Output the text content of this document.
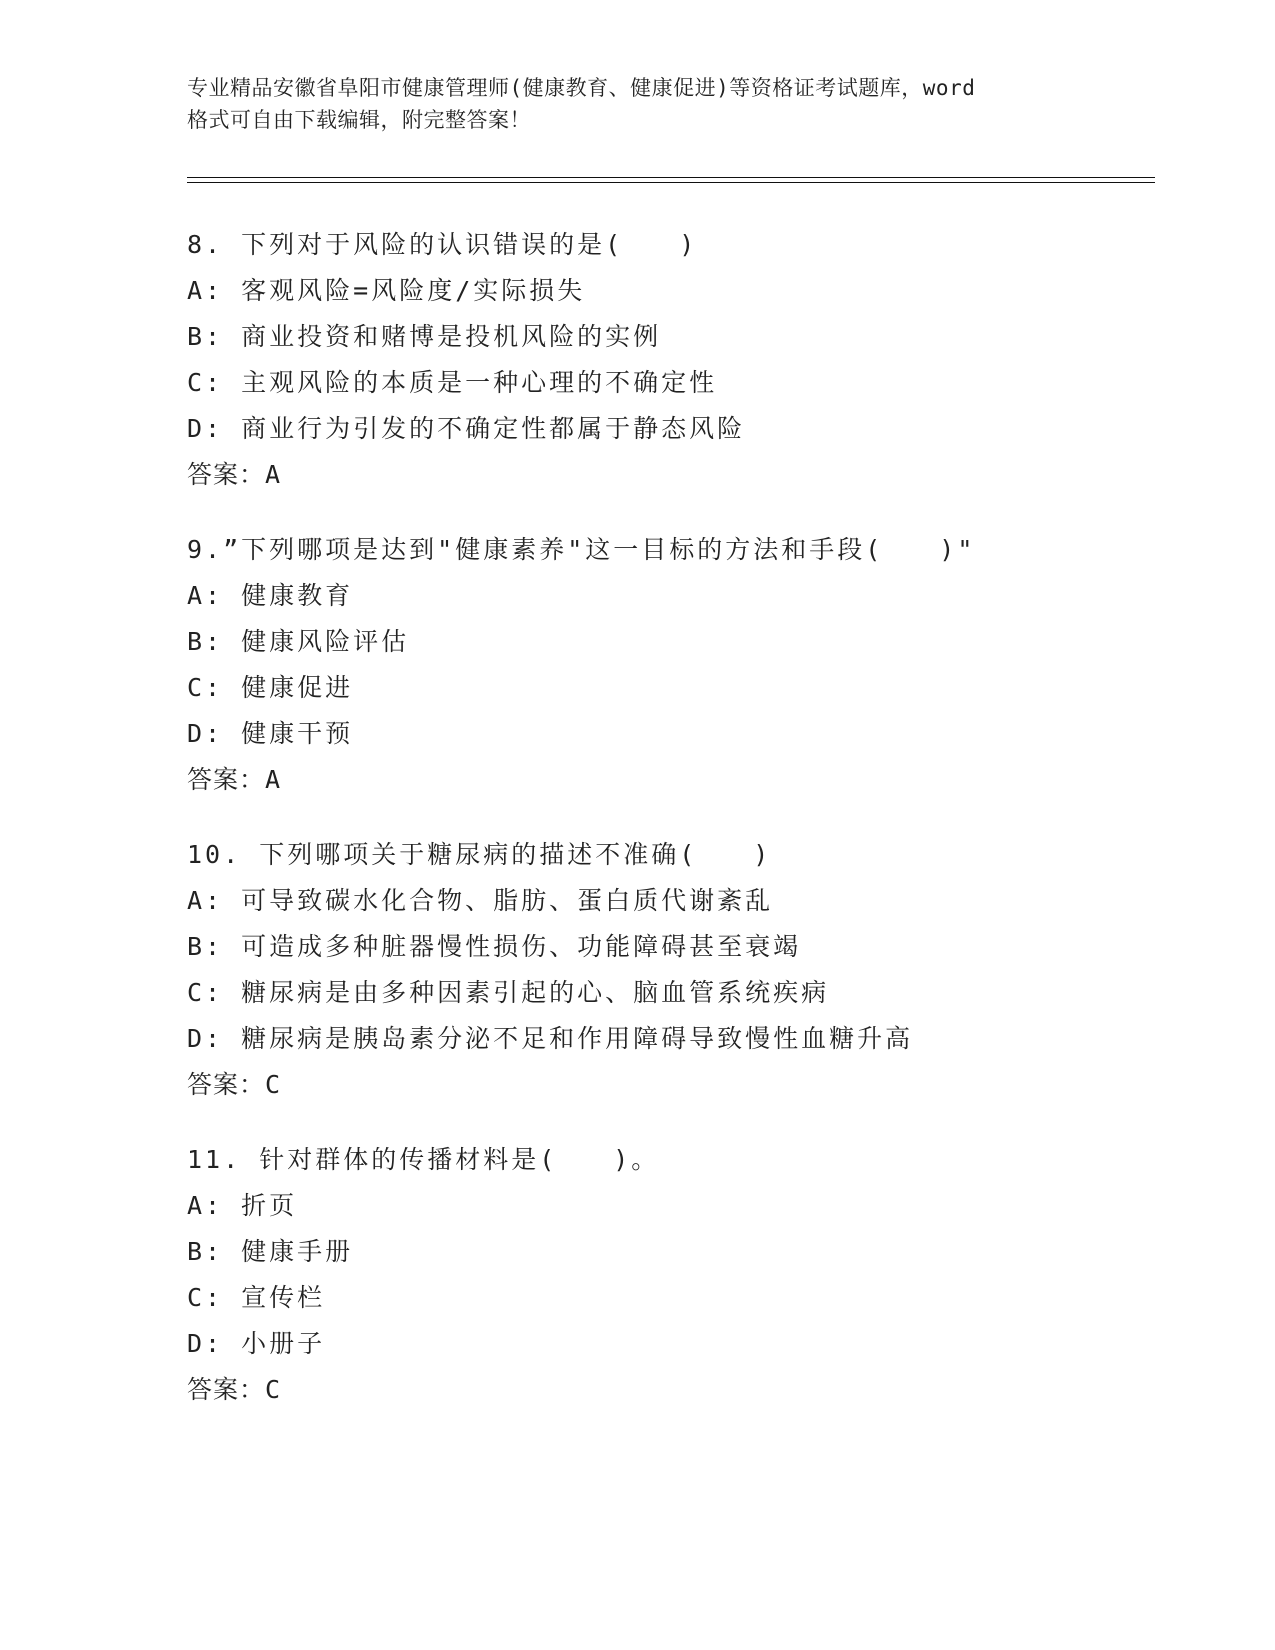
专业精品安徽省阜阳市健康管理师(健康教育、健康促进)等资格证考试题库，word
格式可自由下载编辑，附完整答案！
8. 下列对于风险的认识错误的是(　　)
A: 客观风险=风险度/实际损失
B: 商业投资和赌博是投机风险的实例
C: 主观风险的本质是一种心理的不确定性
D: 商业行为引发的不确定性都属于静态风险
答案：A
9.”下列哪项是达到"健康素养"这一目标的方法和手段(　　)"
A: 健康教育
B: 健康风险评估
C: 健康促进
D: 健康干预
答案：A
10. 下列哪项关于糖尿病的描述不准确(　　)
A: 可导致碳水化合物、脂肪、蛋白质代谢紊乱
B: 可造成多种脏器慢性损伤、功能障碍甚至衰竭
C: 糖尿病是由多种因素引起的心、脑血管系统疾病
D: 糖尿病是胰岛素分泌不足和作用障碍导致慢性血糖升高
答案：C
11. 针对群体的传播材料是(　　)。
A: 折页
B: 健康手册
C: 宣传栏
D: 小册子
答案：C
